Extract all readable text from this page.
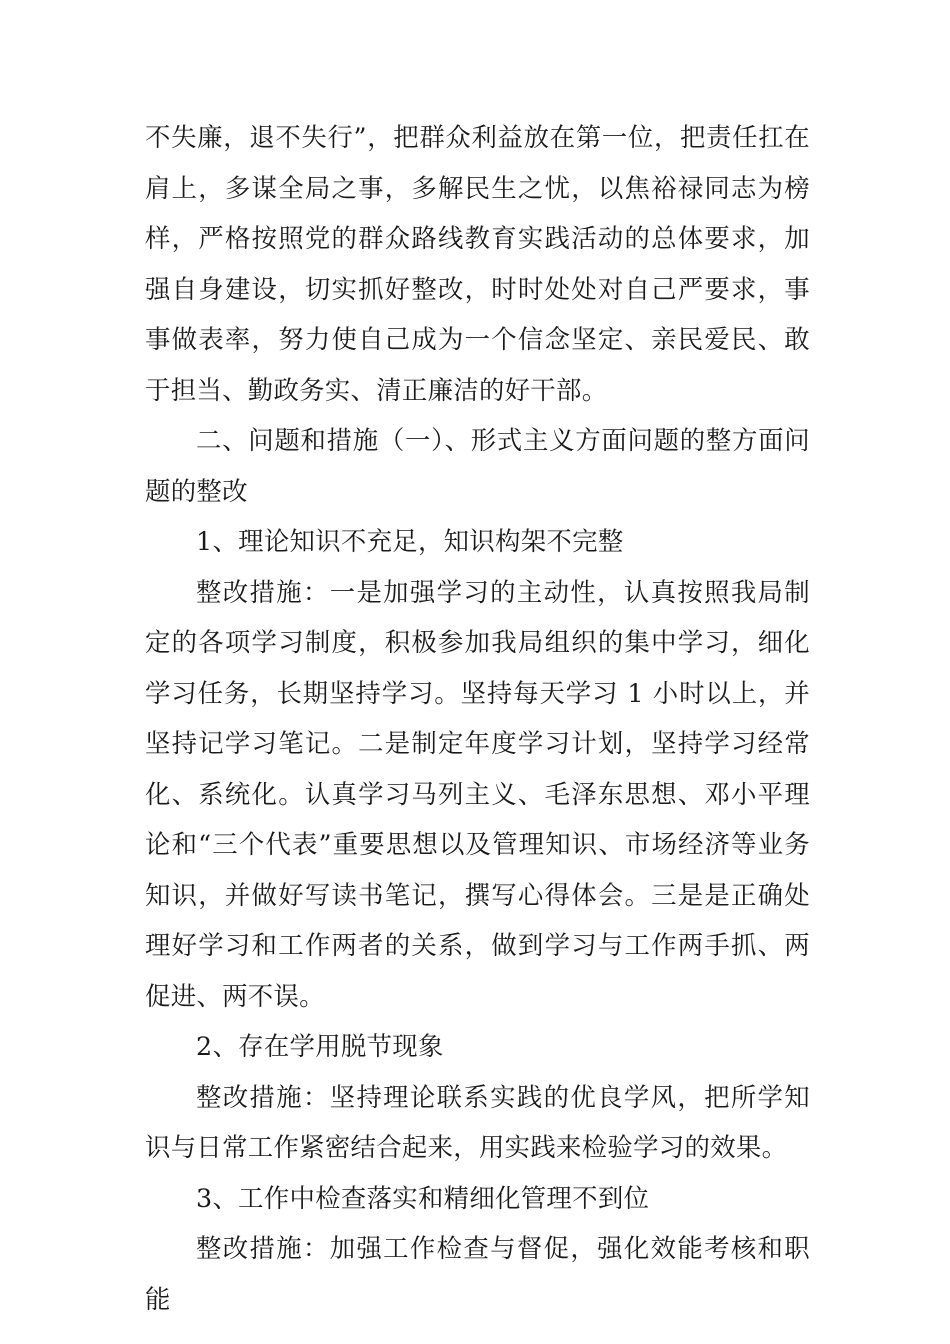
不失廉，退不失行”，把群众利益放在第一位，把责任扛在肩上，多谋全局之事，多解民生之忧，以焦裕禄同志为榜样，严格按照党的群众路线教育实践活动的总体要求，加强自身建设，切实抓好整改，时时处处对自己严要求，事事做表率，努力使自己成为一个信念坚定、亲民爱民、敢于担当、勤政务实、清正廉洁的好干部。

二、问题和措施（一）、形式主义方面问题的整方面问题的整改

1、理论知识不充足，知识构架不完整

整改措施：一是加强学习的主动性，认真按照我局制定的各项学习制度，积极参加我局组织的集中学习，细化学习任务，长期坚持学习。坚持每天学习 1 小时以上，并坚持记学习笔记。二是制定年度学习计划，坚持学习经常化、系统化。认真学习马列主义、毛泽东思想、邓小平理论和“三个代表”重要思想以及管理知识、市场经济等业务知识，并做好写读书笔记，撰写心得体会。三是是正确处理好学习和工作两者的关系，做到学习与工作两手抓、两促进、两不误。

2、存在学用脱节现象

整改措施：坚持理论联系实践的优良学风，把所学知识与日常工作紧密结合起来，用实践来检验学习的效果。

3、工作中检查落实和精细化管理不到位

整改措施：加强工作检查与督促，强化效能考核和职能
